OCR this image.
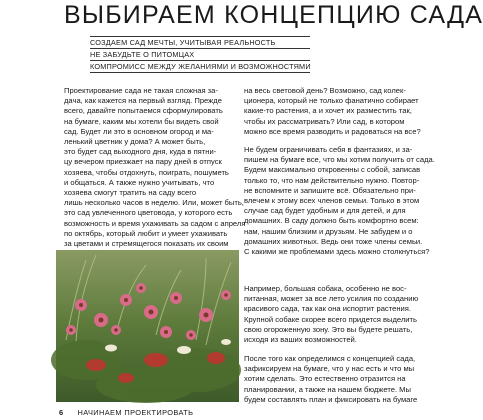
ВЫБИРАЕМ КОНЦЕПЦИЮ САДА
СОЗДАЕМ САД МЕЧТЫ, УЧИТЫВАЯ РЕАЛЬНОСТЬ
НЕ ЗАБУДЬТЕ О ПИТОМЦАХ
КОМПРОМИСС МЕЖДУ ЖЕЛАНИЯМИ И ВОЗМОЖНОСТЯМИ

Проектирование сада не такая сложная за-

дача, как кажется на первый взгляд. Прежде

всего, давайте попытаемся сформулировать

на бумаге, каким мы хотели бы видеть свой

сад. Будет ли это в основном огород и ма-

ленький цветник у дома? А может быть,

это будет сад выходного дня, куда в пятни-

цу вечером приезжает на пару дней в отпуск

хозяева, чтобы отдохнуть, поиграть, пошуметь

и общаться. А также нужно учитывать, что

хозяева смогут тратить на саду всего

лишь несколько часов в неделю. Или, может быть,

это сад увлеченного цветовода, у которого есть

возможность и время ухаживать за садом с апреля

по октябрь, который любит и умеет ухаживать

за цветами и стремящегося показать их своим

на весь световой день? Возможно, сад колек-

ционера, который не только фанатично собирает

какие-то растения, а и хочет их разместить так,

чтобы их рассматривать? Или сад, в котором

можно все время разводить и радоваться на все?

Не будем ограничивать себя в фантазиях, и за-

пишем на бумаге все, что мы хотим получить от сада.

Будем максимально откровенны с собой, записав

только то, что нам действительно нужно. Повтор-

не вспомните и запишите всё. Обязательно при-

влечем к этому всех членов семьи. Только в этом

случае сад будет удобным и для детей, и для

домашних. В саду должно быть комфортно всем:

нам, нашим близким и друзьям. Не забудем и о

домашних животных. Ведь они тоже члены семьи.

С какими же проблемами здесь можно столкнуться?

Например, большая собака, особенно не вос-

питанная, может за все лето усилия по созданию

красивого сада, так как она испортит растения.

Крупной собаке скорее всего придется выделить

свою огороженную зону. Это вы будете решать,

исходя из ваших возможностей.

После того как определимся с концепцией сада,

зафиксируем на бумаге, что у нас есть и что мы

хотим сделать. Это естественно отразится на

планировании, а также на нашем бюджете. Мы

будем составлять план и фиксировать на бумаге

6 НАЧИНАЕМ ПРОЕКТИРОВАТЬ
